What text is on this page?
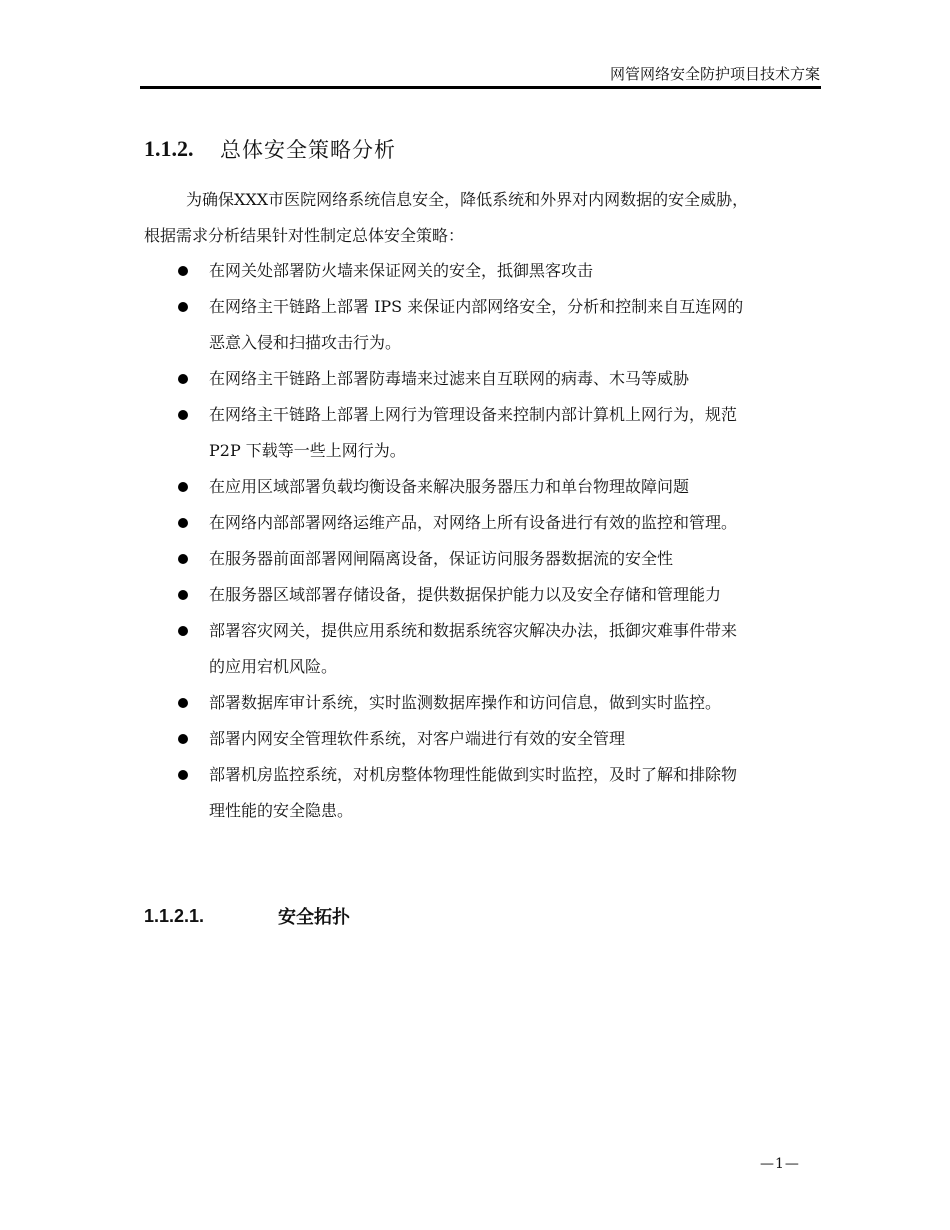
网管网络安全防护项目技术方案
1.1.2.	总体安全策略分析
为确保XXX市医院网络系统信息安全，降低系统和外界对内网数据的安全威胁，
根据需求分析结果针对性制定总体安全策略：
在网关处部署防火墙来保证网关的安全，抵御黑客攻击
在网络主干链路上部署 IPS 来保证内部网络安全，分析和控制来自互连网的
恶意入侵和扫描攻击行为。
在网络主干链路上部署防毒墙来过滤来自互联网的病毒、木马等威胁
在网络主干链路上部署上网行为管理设备来控制内部计算机上网行为，规范
P2P 下载等一些上网行为。
在应用区域部署负载均衡设备来解决服务器压力和单台物理故障问题
在网络内部部署网络运维产品，对网络上所有设备进行有效的监控和管理。
在服务器前面部署网闸隔离设备，保证访问服务器数据流的安全性
在服务器区域部署存储设备，提供数据保护能力以及安全存储和管理能力
部署容灾网关，提供应用系统和数据系统容灾解决办法，抵御灾难事件带来
的应用宕机风险。
部署数据库审计系统，实时监测数据库操作和访问信息，做到实时监控。
部署内网安全管理软件系统，对客户端进行有效的安全管理
部署机房监控系统，对机房整体物理性能做到实时监控，及时了解和排除物
理性能的安全隐患。
1.1.2.1.	安全拓扑
—1—
